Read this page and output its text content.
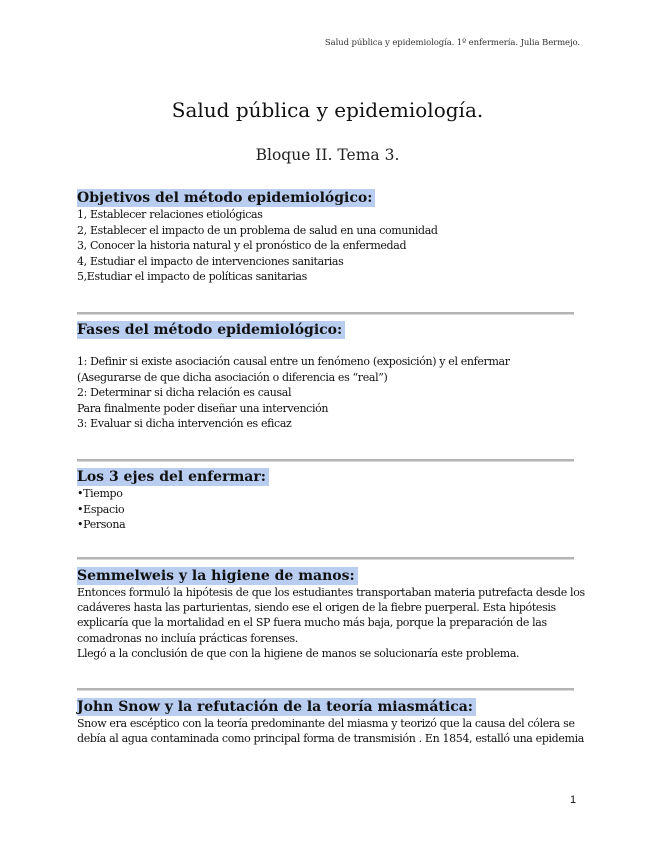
Salud pública y epidemiología. 1º enfermería. Julia Bermejo.
Salud pública y epidemiología.
Bloque II. Tema 3.
Objetivos del método epidemiológico:
1, Establecer relaciones etiológicas
2, Establecer el impacto de un problema de salud en una comunidad
3, Conocer la historia natural y el pronóstico de la enfermedad
4, Estudiar el impacto de intervenciones sanitarias
5,Estudiar el impacto de políticas sanitarias
Fases del método epidemiológico:
1: Definir si existe asociación causal entre un fenómeno (exposición) y el enfermar
(Asegurarse de que dicha asociación o diferencia es “real”)
2: Determinar si dicha relación es causal
Para finalmente poder diseñar una intervención
3: Evaluar si dicha intervención es eficaz
Los 3 ejes del enfermar:
•Tiempo
•Espacio
•Persona
Semmelweis y la higiene de manos:
Entonces formuló la hipótesis de que los estudiantes transportaban materia putrefacta desde los
cadáveres hasta las parturientas, siendo ese el origen de la fiebre puerperal. Esta hipótesis
explicaría que la mortalidad en el SP fuera mucho más baja, porque la preparación de las
comadronas no incluía prácticas forenses.
Llegó a la conclusión de que con la higiene de manos se solucionaría este problema.
John Snow y la refutación de la teoría miasmática:
Snow era escéptico con la teoría predominante del miasma y teorizó que la causa del cólera se
debía al agua contaminada como principal forma de transmisión . En 1854, estalló una epidemia
1
